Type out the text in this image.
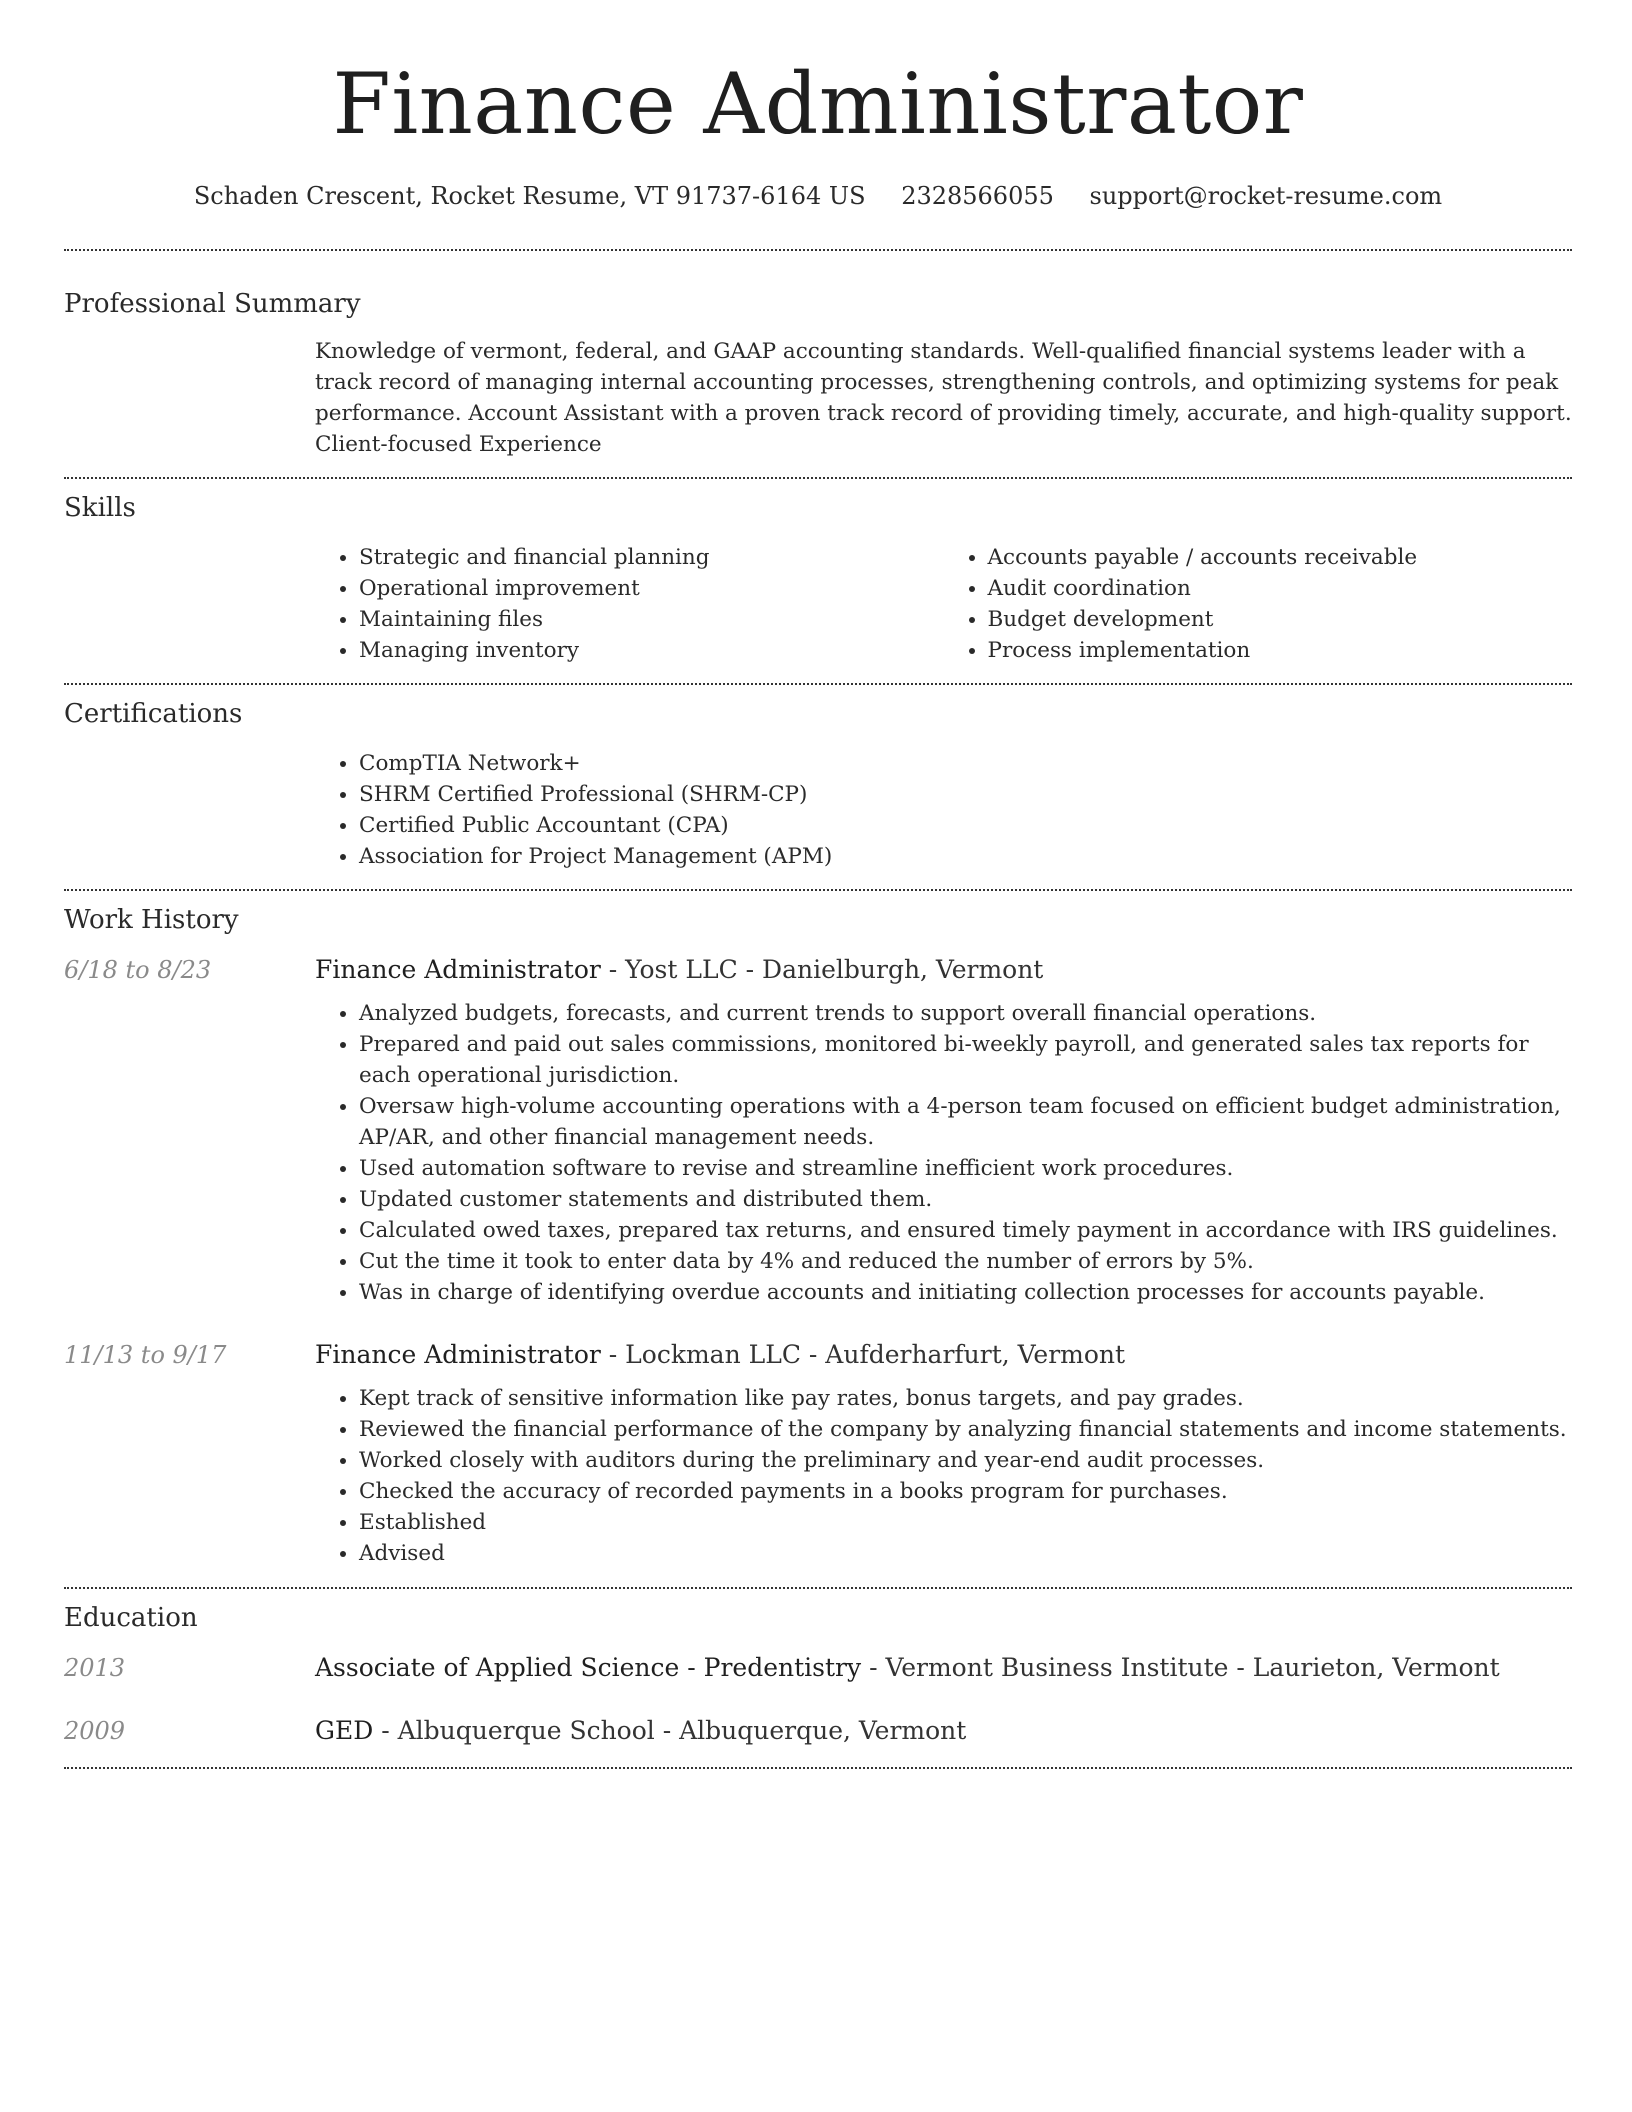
Finance Administrator
Schaden Crescent, Rocket Resume, VT 91737-6164 US 2328566055 support@rocket-resume.com
Professional Summary
Knowledge of vermont, federal, and GAAP accounting standards. Well-qualified financial systems leader with a track record of managing internal accounting processes, strengthening controls, and optimizing systems for peak performance. Account Assistant with a proven track record of providing timely, accurate, and high-quality support. Client-focused Experience
Skills
• Strategic and financial planning
• Operational improvement
• Maintaining files
• Managing inventory
• Accounts payable / accounts receivable
• Audit coordination
• Budget development
• Process implementation
Certifications
• CompTIA Network+
• SHRM Certified Professional (SHRM-CP)
• Certified Public Accountant (CPA)
• Association for Project Management (APM)
Work History
6/18 to 8/23	Finance Administrator - Yost LLC - Danielburgh, Vermont
• Analyzed budgets, forecasts, and current trends to support overall financial operations.
• Prepared and paid out sales commissions, monitored bi-weekly payroll, and generated sales tax reports for each operational jurisdiction.
• Oversaw high-volume accounting operations with a 4-person team focused on efficient budget administration, AP/AR, and other financial management needs.
• Used automation software to revise and streamline inefficient work procedures.
• Updated customer statements and distributed them.
• Calculated owed taxes, prepared tax returns, and ensured timely payment in accordance with IRS guidelines.
• Cut the time it took to enter data by 4% and reduced the number of errors by 5%.
• Was in charge of identifying overdue accounts and initiating collection processes for accounts payable.
11/13 to 9/17	Finance Administrator - Lockman LLC - Aufderharfurt, Vermont
• Kept track of sensitive information like pay rates, bonus targets, and pay grades.
• Reviewed the financial performance of the company by analyzing financial statements and income statements.
• Worked closely with auditors during the preliminary and year-end audit processes.
• Checked the accuracy of recorded payments in a books program for purchases.
• Established
• Advised
Education
2013	Associate of Applied Science - Predentistry - Vermont Business Institute - Laurieton, Vermont
2009	GED - Albuquerque School - Albuquerque, Vermont
